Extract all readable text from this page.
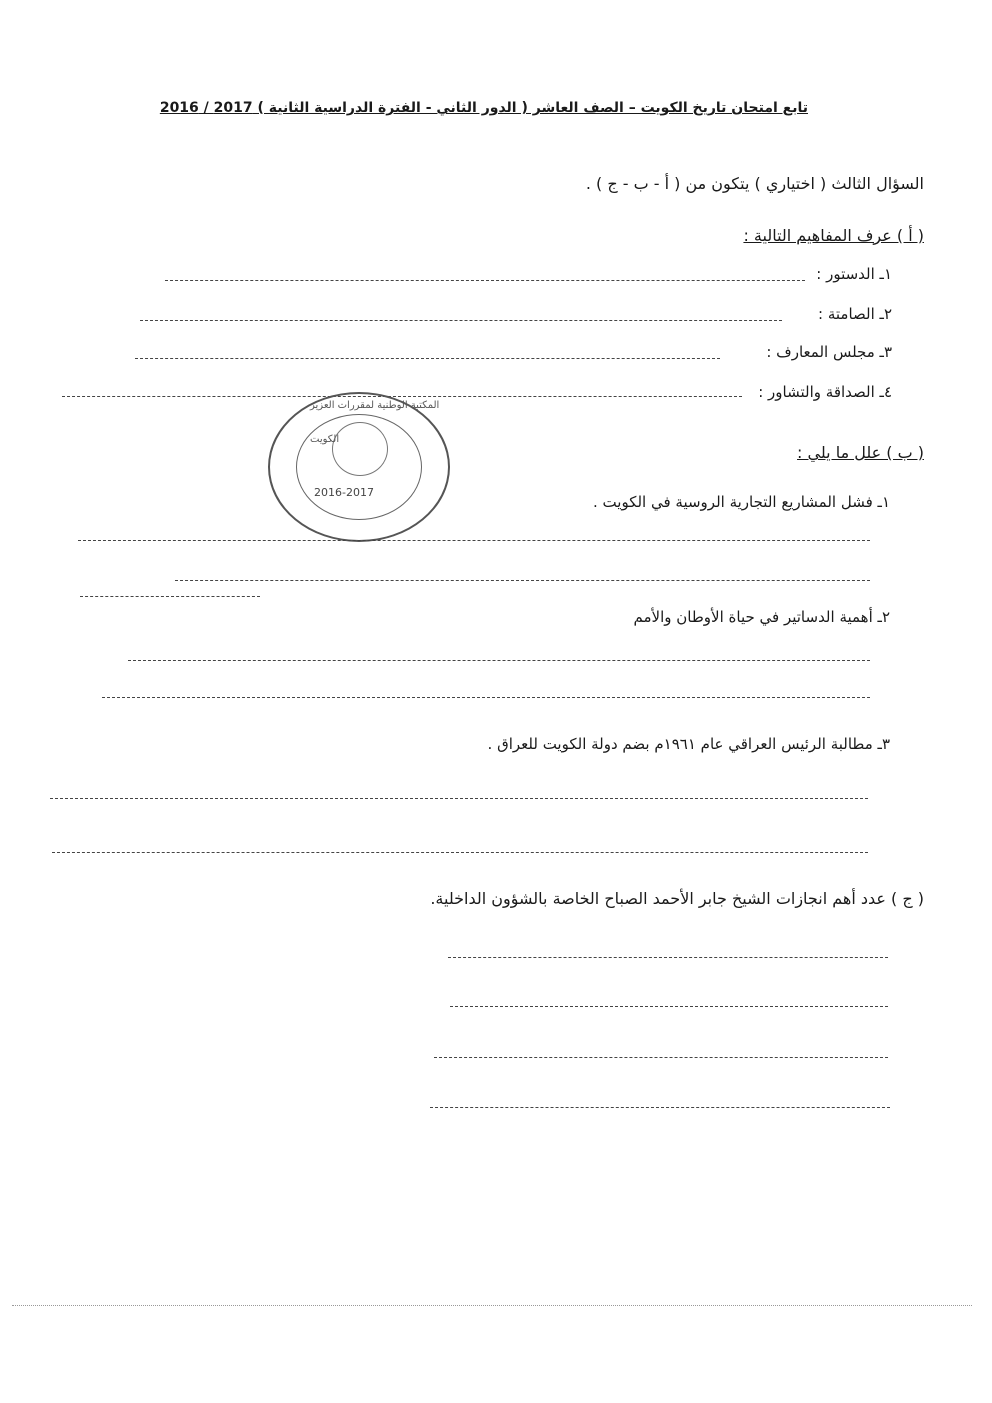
تابع امتحان تاريخ الكويت – الصف العاشر ( الدور الثاني - الفترة الدراسية الثانية ) 2017 / 2016
السؤال الثالث ( اختياري ) يتكون من ( أ - ب - ج ) .
( أ ) عرف المفاهيم التالية :
١ـ الدستور :
٢ـ الصامتة :
٣ـ مجلس المعارف :
٤ـ الصداقة والتشاور :
المكتبة الوطنية لمقررات العزيز
الكويت
2016-2017
( ب ) علل ما يلي :
١ـ فشل المشاريع التجارية الروسية في الكويت .
٢ـ أهمية الدساتير في حياة الأوطان والأمم
٣ـ مطالبة الرئيس العراقي عام ١٩٦١م بضم دولة الكويت للعراق .
( ج ) عدد أهم انجازات الشيخ جابر الأحمد الصباح الخاصة بالشؤون الداخلية.
